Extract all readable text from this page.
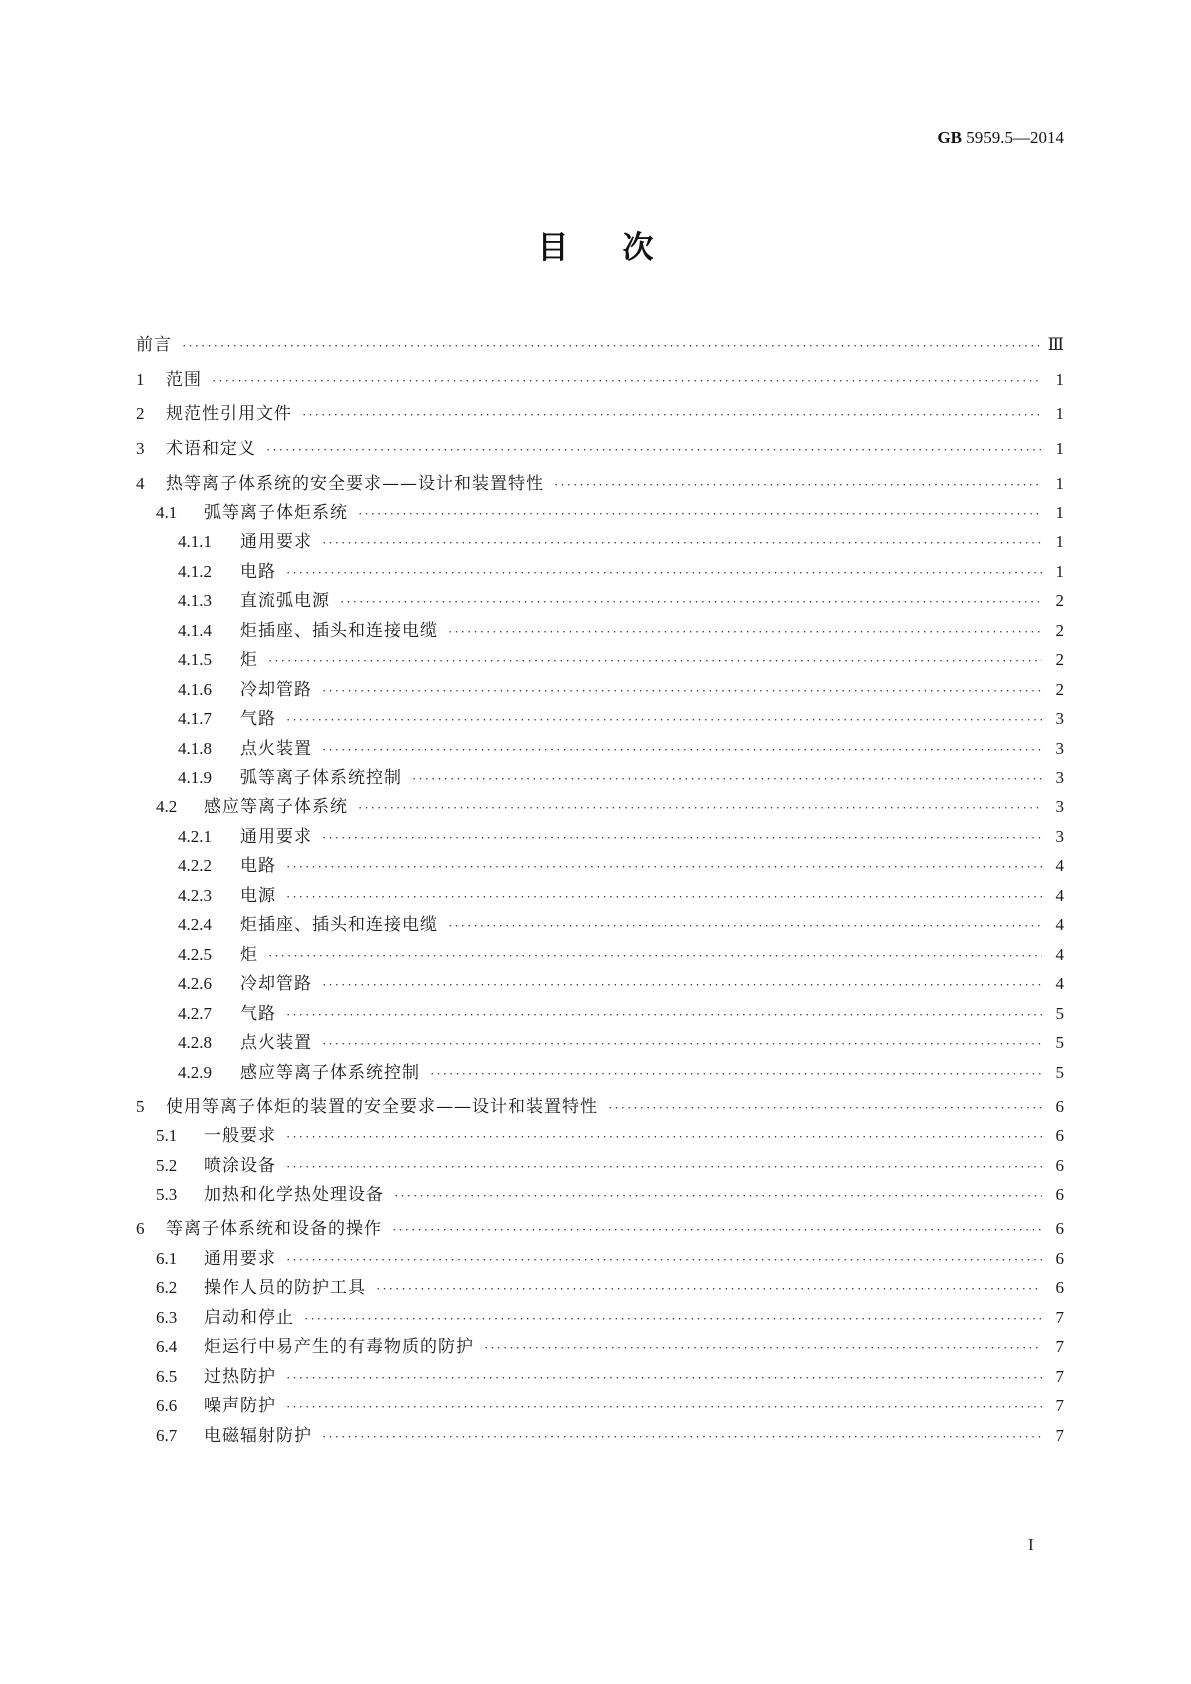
GB 5959.5—2014
目次
前言 ·····	Ⅲ
1	范围 ·····	1
2	规范性引用文件 ·····	1
3	术语和定义 ·····	1
4	热等离子体系统的安全要求——设计和装置特性 ·····	1
4.1	弧等离子体炬系统 ·····	1
4.1.1	通用要求 ·····	1
4.1.2	电路 ·····	1
4.1.3	直流弧电源 ·····	2
4.1.4	炬插座、插头和连接电缆 ·····	2
4.1.5	炬 ·····	2
4.1.6	冷却管路 ·····	2
4.1.7	气路 ·····	3
4.1.8	点火装置 ·····	3
4.1.9	弧等离子体系统控制 ·····	3
4.2	感应等离子体系统 ·····	3
4.2.1	通用要求 ·····	3
4.2.2	电路 ·····	4
4.2.3	电源 ·····	4
4.2.4	炬插座、插头和连接电缆 ·····	4
4.2.5	炬 ·····	4
4.2.6	冷却管路 ·····	4
4.2.7	气路 ·····	5
4.2.8	点火装置 ·····	5
4.2.9	感应等离子体系统控制 ·····	5
5	使用等离子体炬的装置的安全要求——设计和装置特性 ·····	6
5.1	一般要求 ·····	6
5.2	喷涂设备 ·····	6
5.3	加热和化学热处理设备 ·····	6
6	等离子体系统和设备的操作 ·····	6
6.1	通用要求 ·····	6
6.2	操作人员的防护工具 ·····	6
6.3	启动和停止 ·····	7
6.4	炬运行中易产生的有毒物质的防护 ·····	7
6.5	过热防护 ·····	7
6.6	噪声防护 ·····	7
6.7	电磁辐射防护 ·····	7
I
